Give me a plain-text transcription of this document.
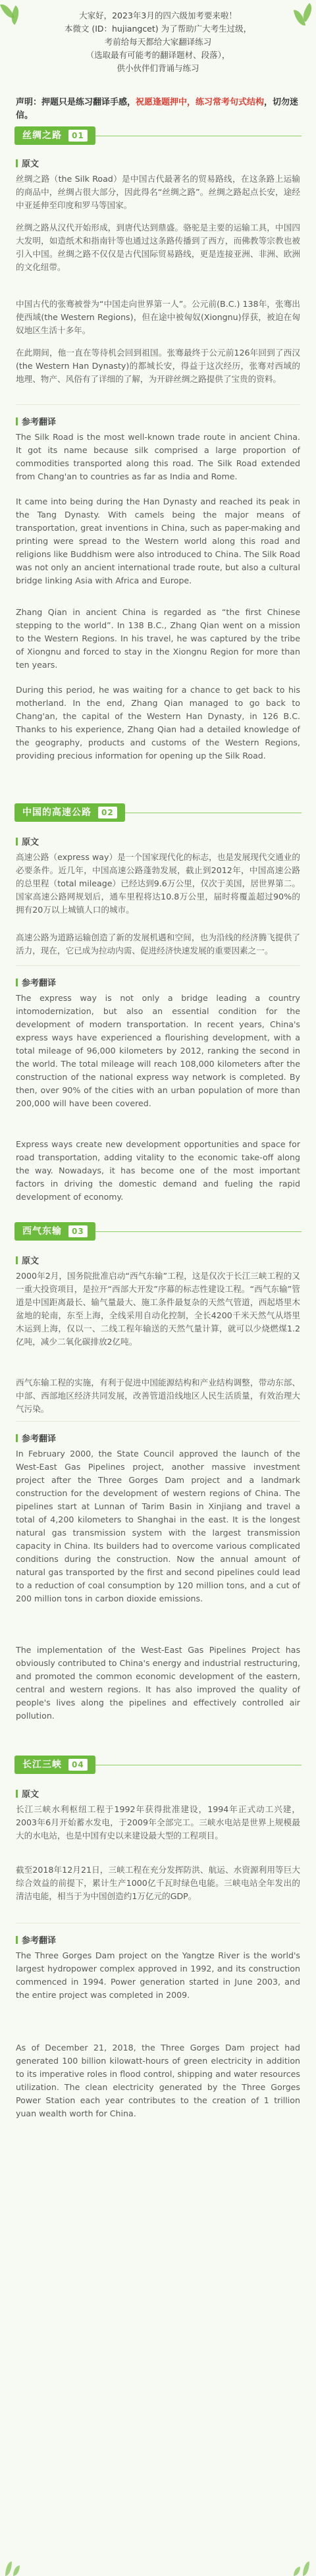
大家好，2023年3月的四六级加考要来啦！

本微文 (ID：hujiangcet) 为了帮助广大考生过级，

考前给每天都给大家翻译练习

（选取最有可能考的翻译题材、段落），

供小伙伴们背诵与练习

声明：押题只是练习翻译手感，祝愿逢题押中，练习常考句式结构，切勿迷信。
丝绸之路 01
原文

丝绸之路（the Silk Road）是中国古代最著名的贸易路线，在这条路上运输的商品中，丝绸占很大部分，因此得名“丝绸之路”。丝绸之路起点长安，途经中亚延伸至印度和罗马等国家。

丝绸之路从汉代开始形成，到唐代达到鼎盛。骆驼是主要的运输工具，中国四大发明，如造纸术和指南针等也通过这条路传播到了西方，而佛教等宗教也被引入中国。丝绸之路不仅仅是古代国际贸易路线，更是连接亚洲、非洲、欧洲的文化纽带。

中国古代的张骞被誉为“中国走向世界第一人”。公元前(B.C.) 138年，张骞出使西域(the Western Regions)，但在途中被匈奴(Xiongnu)俘获，被迫在匈奴地区生活十多年。

在此期间，他一直在等待机会回到祖国。张骞最终于公元前126年回到了西汉(the Western Han Dynasty)的都城长安，得益于这次经历，张骞对西域的地理、物产、风俗有了详细的了解，为开辟丝绸之路提供了宝贵的资料。

参考翻译

The Silk Road is the most well-known trade route in ancient China. It got its name because silk comprised a large proportion of commodities transported along this road. The Silk Road extended from Chang'an to countries as far as India and Rome.

It came into being during the Han Dynasty and reached its peak in the Tang Dynasty. With camels being the major means of transportation, great inventions in China, such as paper-making and printing were spread to the Western world along this road and religions like Buddhism were also introduced to China. The Silk Road was not only an ancient international trade route, but also a cultural bridge linking Asia with Africa and Europe.

Zhang Qian in ancient China is regarded as “the first Chinese stepping to the world”. In 138 B.C., Zhang Qian went on a mission to the Western Regions. In his travel, he was captured by the tribe of Xiongnu and forced to stay in the Xiongnu Region for more than ten years.

During this period, he was waiting for a chance to get back to his motherland. In the end, Zhang Qian managed to go back to Chang'an, the capital of the Western Han Dynasty, in 126 B.C. Thanks to his experience, Zhang Qian had a detailed knowledge of the geography, products and customs of the Western Regions, providing precious information for opening up the Silk Road.

中国的高速公路 02
原文

高速公路（express way）是一个国家现代化的标志，也是发展现代交通业的必要条件。近几年，中国高速公路蓬勃发展，截止到2012年，中国高速公路的总里程（total mileage）已经达到9.6万公里，仅次于美国，居世界第二。国家高速公路网规划后，通车里程将达10.8万公里，届时将覆盖超过90%的拥有20万以上城镇人口的城市。

高速公路为道路运输创造了新的发展机遇和空间，也为沿线的经济腾飞提供了活力，现在，它已成为拉动内需、促进经济快速发展的重要因素之一。

参考翻译

The express way is not only a bridge leading a country intomodernization, but also an essential condition for the development of modern transportation. In recent years, China's express ways have experienced a flourishing development, with a total mileage of 96,000 kilometers by 2012, ranking the second in the world. The total mileage will reach 108,000 kilometers after the construction of the national express way network is completed. By then, over 90% of the cities with an urban population of more than 200,000 will have been covered.

Express ways create new development opportunities and space for road transportation, adding vitality to the economic take-off along the way. Nowadays, it has become one of the most important factors in driving the domestic demand and fueling the rapid development of economy.

西气东输 03
原文

2000年2月，国务院批准启动“西气东输”工程，这是仅次于长江三峡工程的又一重大投资项目，是拉开“西部大开发”序幕的标志性建设工程。“西气东输”管道是中国距离最长、输气量最大、施工条件最复杂的天然气管道，西起塔里木盆地的轮南，东至上海，全线采用自动化控制，全长4200千米天然气从塔里木运到上海，仅以一、二线工程年输送的天然气量计算，就可以少烧燃煤1.2亿吨，减少二氧化碳排放2亿吨。

西气东输工程的实施，有利于促进中国能源结构和产业结构调整，带动东部、中部、西部地区经济共同发展，改善管道沿线地区人民生活质量，有效治理大气污染。

参考翻译

In February 2000, the State Council approved the launch of the West-East Gas Pipelines project, another massive investment project after the Three Gorges Dam project and a landmark construction for the development of western regions of China. The pipelines start at Lunnan of Tarim Basin in Xinjiang and travel a total of 4,200 kilometers to Shanghai in the east. It is the longest natural gas transmission system with the largest transmission capacity in China. Its builders had to overcome various complicated conditions during the construction. Now the annual amount of natural gas transported by the first and second pipelines could lead to a reduction of coal consumption by 120 million tons, and a cut of 200 million tons in carbon dioxide emissions.

The implementation of the West-East Gas Pipelines Project has obviously contributed to China's energy and industrial restructuring, and promoted the common economic development of the eastern, central and western regions. It has also improved the quality of people's lives along the pipelines and effectively controlled air pollution.

长江三峡 04
原文

长江三峡水利枢纽工程于1992年获得批准建设，1994年正式动工兴建，2003年6月开始蓄水发电，于2009年全部完工。三峡水电站是世界上规模最大的水电站，也是中国有史以来建设最大型的工程项目。

截至2018年12月21日，三峡工程在充分发挥防洪、航运、水资源利用等巨大综合效益的前提下，累计生产1000亿千瓦时绿色电能。三峡电站全年发出的清洁电能，相当于为中国创造约1万亿元的GDP。

参考翻译

The Three Gorges Dam project on the Yangtze River is the world's largest hydropower complex approved in 1992, and its construction commenced in 1994. Power generation started in June 2003, and the entire project was completed in 2009.

As of December 21, 2018, the Three Gorges Dam project had generated 100 billion kilowatt-hours of green electricity in addition to its imperative roles in flood control, shipping and water resources utilization. The clean electricity generated by the Three Gorges Power Station each year contributes to the creation of 1 trillion yuan wealth worth for China.
